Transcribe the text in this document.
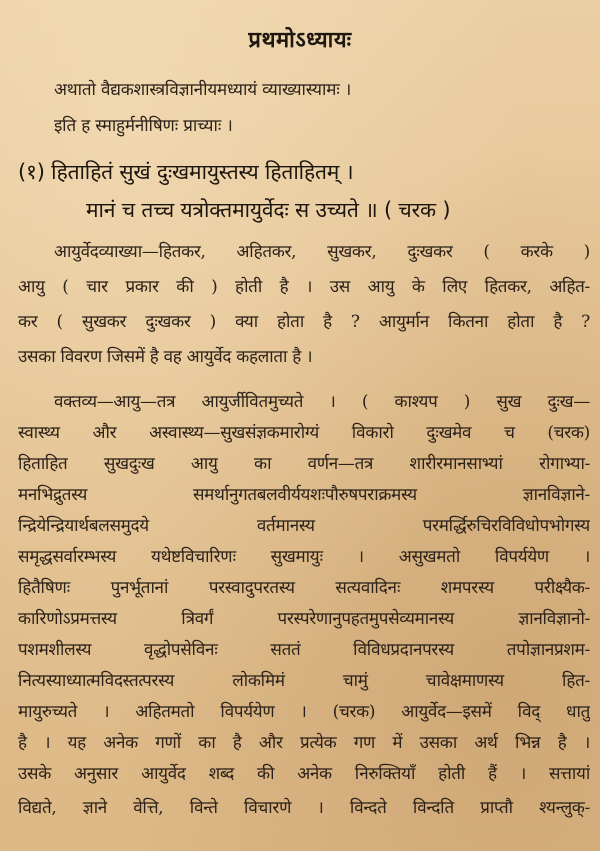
प्रथमोऽध्यायः
अथातो वैद्यकशास्त्रविज्ञानीयमध्यायं व्याख्यास्यामः ।
इति ह स्माहुर्मनीषिणः प्राच्याः ।
(१) हिताहितं सुखं दुःखमायुस्तस्य हिताहितम् ।
मानं च तच्च यत्रोक्तमायुर्वेदः स उच्यते ॥ ( चरक )
आयुर्वेदव्याख्या—हितकर, अहितकर, सुखकर, दुःखकर ( करके )
आयु ( चार प्रकार की ) होती है । उस आयु के लिए हितकर, अहित-
कर ( सुखकर दुःखकर ) क्या होता है ? आयुर्मान कितना होता है ?
उसका विवरण जिसमें है वह आयुर्वेद कहलाता है ।
वक्तव्य—आयु—तत्र आयुर्जीवितमुच्यते । ( काश्यप ) सुख दुःख—
स्वास्थ्य और अस्वास्थ्य—सुखसंज्ञकमारोग्यं विकारो दुःखमेव च (चरक)
हिताहित सुखदुःख आयु का वर्णन—तत्र शारीरमानसाभ्यां रोगाभ्या-
मनभिद्रुतस्य समर्थानुगतबलवीर्ययशःपौरुषपराक्रमस्य ज्ञानविज्ञाने-
न्द्रियेन्द्रियार्थबलसमुदये वर्तमानस्य परमर्द्धिरुचिरविविधोपभोगस्य
समृद्धसर्वारम्भस्य यथेष्टविचारिणः सुखमायुः । असुखमतो विपर्ययेण ।
हितैषिणः पुनर्भूतानां परस्वादुपरतस्य सत्यवादिनः शमपरस्य परीक्ष्यैक-
कारिणोऽप्रमत्तस्य त्रिवर्गं परस्परेणानुपहतमुपसेव्यमानस्य ज्ञानविज्ञानो-
पशमशीलस्य वृद्धोपसेविनः सततं विविधप्रदानपरस्य तपोज्ञानप्रशम-
नित्यस्याध्यात्मविदस्तत्परस्य लोकमिमं चामुं चावेक्षमाणस्य हित-
मायुरुच्यते । अहितमतो विपर्ययेण । (चरक) आयुर्वेद—इसमें विद् धातु
है । यह अनेक गणों का है और प्रत्येक गण में उसका अर्थ भिन्न है ।
उसके अनुसार आयुर्वेद शब्द की अनेक निरुक्तियाँ होती हैं । सत्तायां
विद्यते, ज्ञाने वेत्ति, विन्ते विचारणे । विन्दते विन्दति प्राप्तौ श्यन्लुक्-
